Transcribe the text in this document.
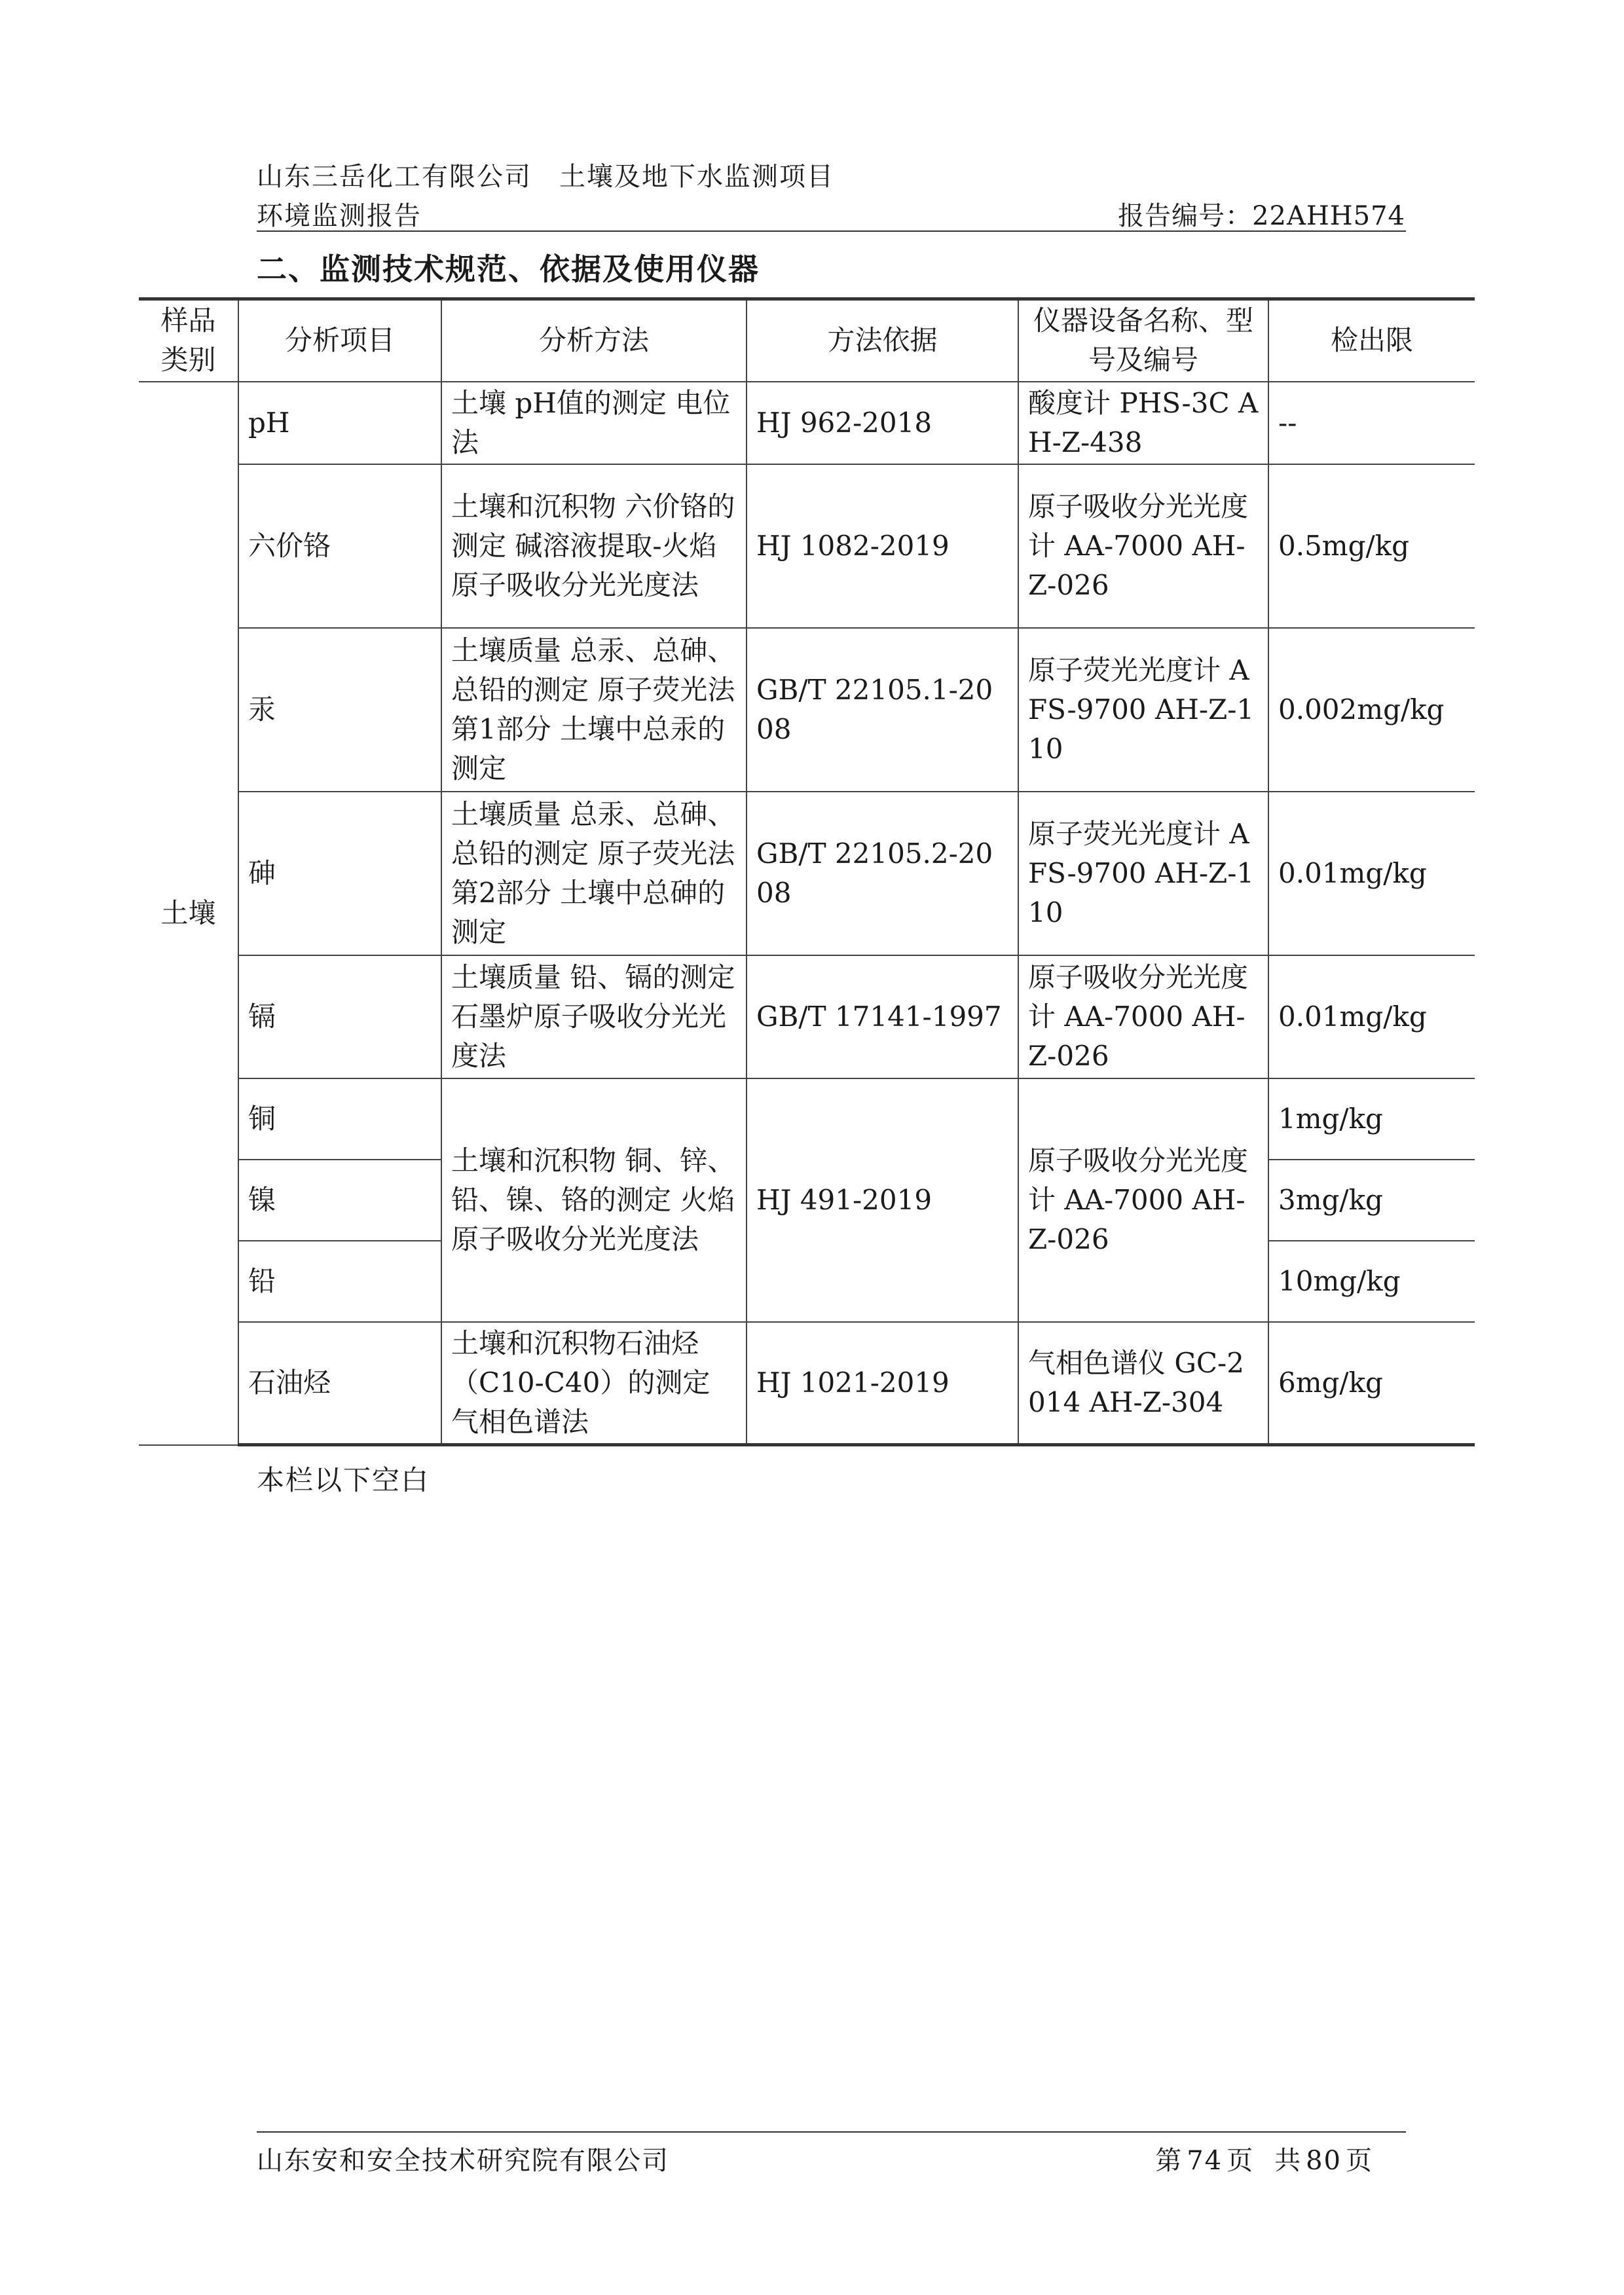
山东三岳化工有限公司　土壤及地下水监测项目
环境监测报告	报告编号：22AHH574
二、监测技术规范、依据及使用仪器
样品类别	分析项目	分析方法	方法依据	仪器设备名称、型号及编号	检出限
土壤	pH	土壤 pH值的测定 电位法	HJ 962-2018	酸度计 PHS-3C AH-Z-438	--
	六价铬	土壤和沉积物 六价铬的测定 碱溶液提取-火焰原子吸收分光光度法	HJ 1082-2019	原子吸收分光光度计 AA-7000 AH-Z-026	0.5mg/kg
	汞	土壤质量 总汞、总砷、总铅的测定 原子荧光法 第1部分 土壤中总汞的测定	GB/T 22105.1-2008	原子荧光光度计 AFS-9700 AH-Z-110	0.002mg/kg
	砷	土壤质量 总汞、总砷、总铅的测定 原子荧光法 第2部分 土壤中总砷的测定	GB/T 22105.2-2008	原子荧光光度计 AFS-9700 AH-Z-110	0.01mg/kg
	镉	土壤质量 铅、镉的测定 石墨炉原子吸收分光光度法	GB/T 17141-1997	原子吸收分光光度计 AA-7000 AH-Z-026	0.01mg/kg
	铜	土壤和沉积物 铜、锌、铅、镍、铬的测定 火焰原子吸收分光光度法	HJ 491-2019	原子吸收分光光度计 AA-7000 AH-Z-026	1mg/kg
	镍				3mg/kg
	铅				10mg/kg
	石油烃	土壤和沉积物石油烃（C10-C40）的测定 气相色谱法	HJ 1021-2019	气相色谱仪 GC-2014 AH-Z-304	6mg/kg
本栏以下空白
山东安和安全技术研究院有限公司	第 74 页 共 80 页
